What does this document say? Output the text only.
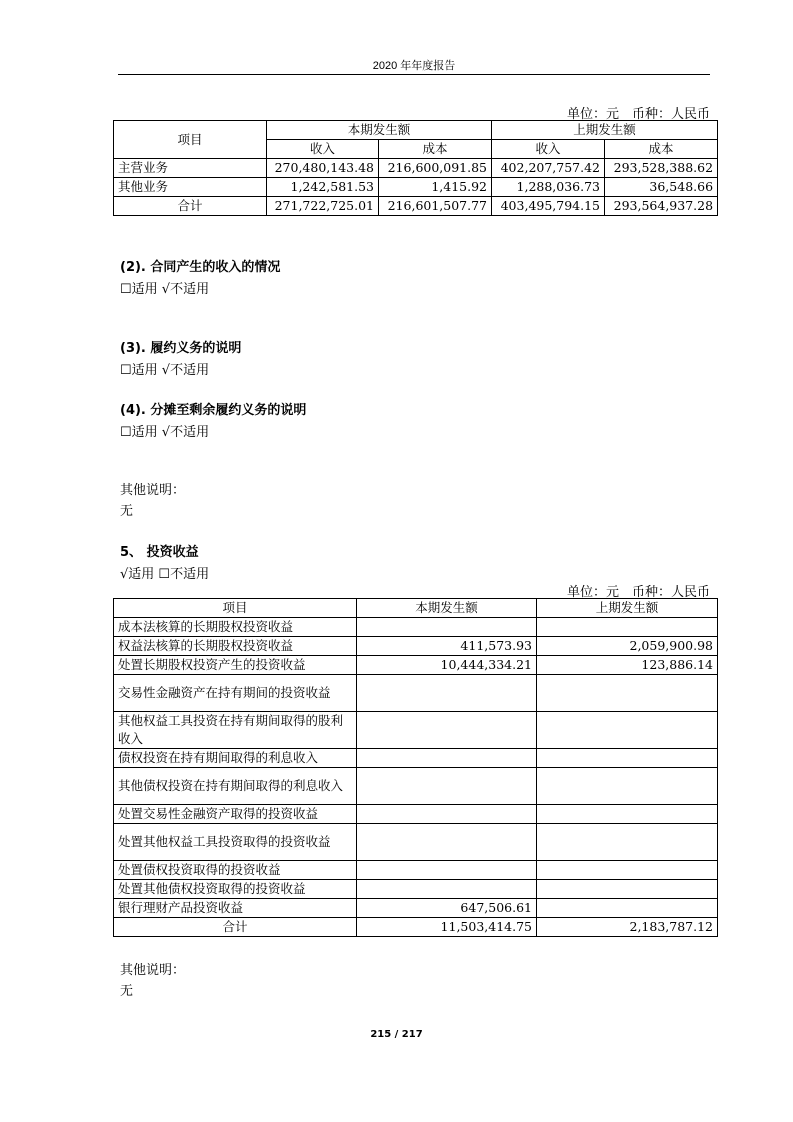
2020 年年度报告
单位：元　币种：人民币
项目	本期发生额		上期发生额	
	收入	成本	收入	成本
主营业务	270,480,143.48	216,600,091.85	402,207,757.42	293,528,388.62
其他业务	1,242,581.53	1,415.92	1,288,036.73	36,548.66
合计	271,722,725.01	216,601,507.77	403,495,794.15	293,564,937.28
(2). 合同产生的收入的情况
☐适用 √不适用
(3). 履约义务的说明
☐适用 √不适用
(4). 分摊至剩余履约义务的说明
☐适用 √不适用
其他说明：
无
5、 投资收益
√适用 ☐不适用
单位：元　币种：人民币
项目	本期发生额	上期发生额
成本法核算的长期股权投资收益		
权益法核算的长期股权投资收益	411,573.93	2,059,900.98
处置长期股权投资产生的投资收益	10,444,334.21	123,886.14
交易性金融资产在持有期间的投资收益		
其他权益工具投资在持有期间取得的股利收入		
债权投资在持有期间取得的利息收入		
其他债权投资在持有期间取得的利息收入		
处置交易性金融资产取得的投资收益		
处置其他权益工具投资取得的投资收益		
处置债权投资取得的投资收益		
处置其他债权投资取得的投资收益		
银行理财产品投资收益	647,506.61	
合计	11,503,414.75	2,183,787.12
其他说明：
无
215 / 217
